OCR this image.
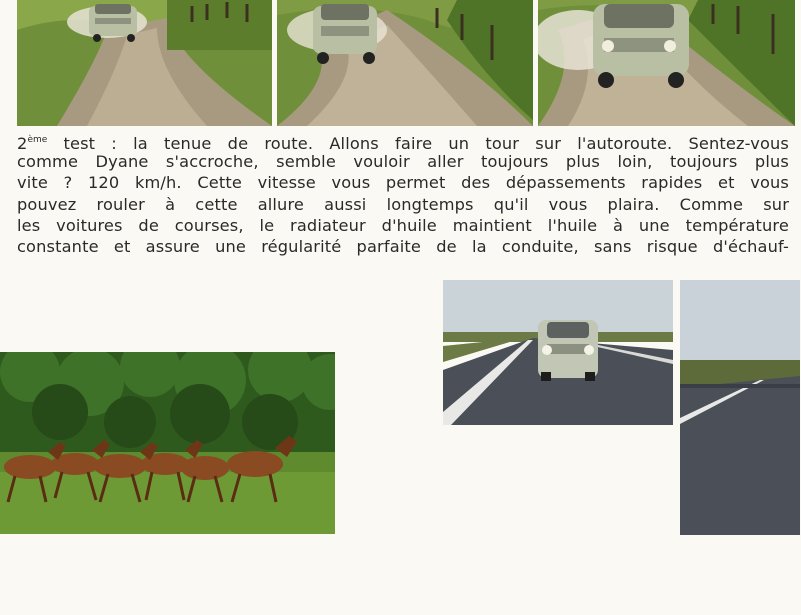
2ème test : la tenue de route. Allons faire un tour sur l'autoroute. Sentez-vous
comme Dyane s'accroche, semble vouloir aller toujours plus loin, toujours plus
vite ? 120 km/h. Cette vitesse vous permet des dépassements rapides et vous
pouvez rouler à cette allure aussi longtemps qu'il vous plaira. Comme sur
les voitures de courses, le radiateur d'huile maintient l'huile à une température
constante et assure une régularité parfaite de la conduite, sans risque d'échauf-
